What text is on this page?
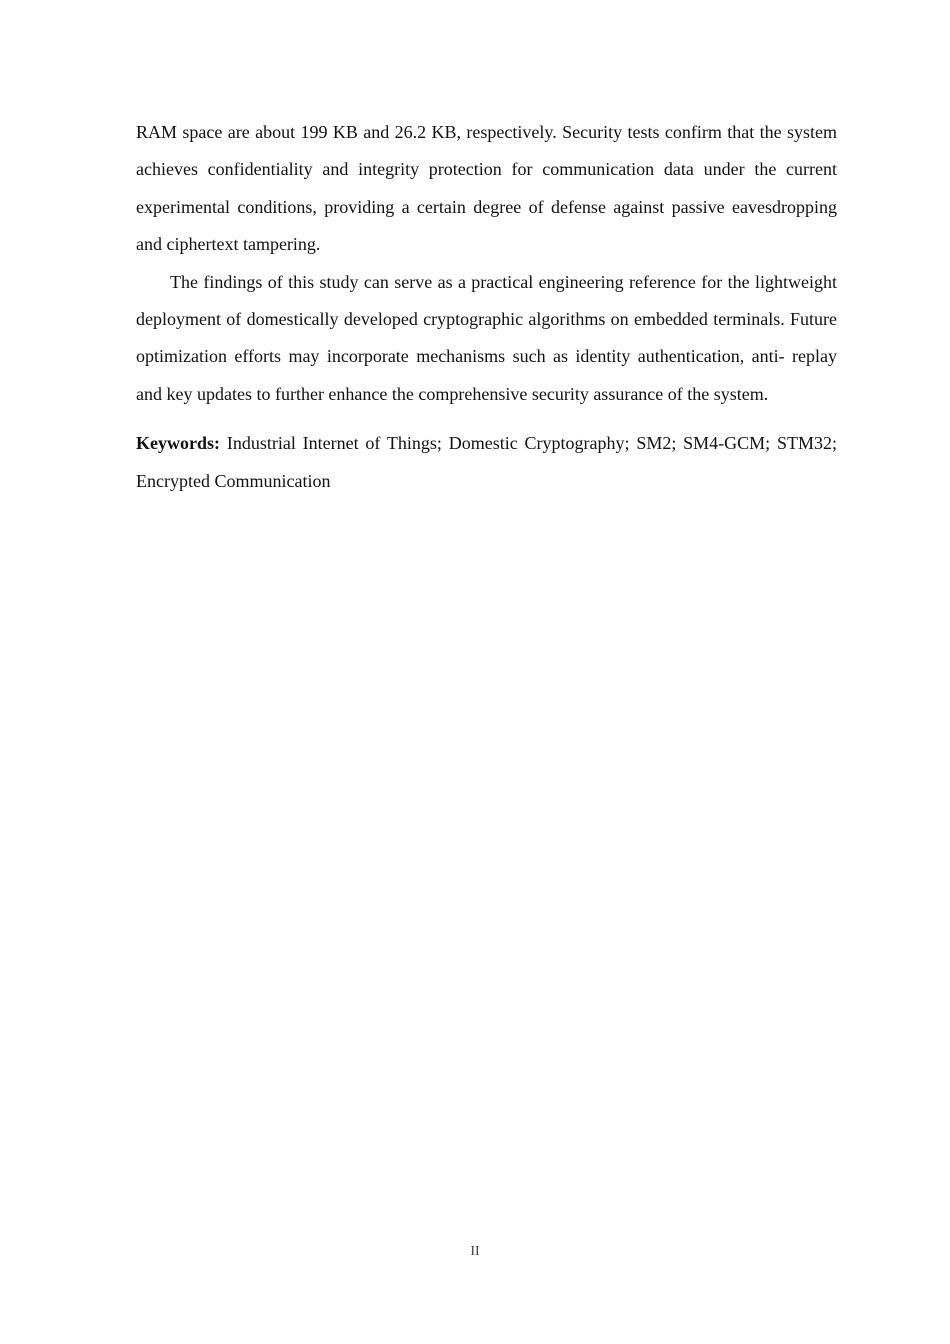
RAM space are about 199 KB and 26.2 KB, respectively. Security tests confirm that the system achieves confidentiality and integrity protection for communication data under the current experimental conditions, providing a certain degree of defense against passive eavesdropping and ciphertext tampering.

The findings of this study can serve as a practical engineering reference for the lightweight deployment of domestically developed cryptographic algorithms on embedded terminals. Future optimization efforts may incorporate mechanisms such as identity authentication, anti- replay and key updates to further enhance the comprehensive security assurance of the system.

Keywords: Industrial Internet of Things; Domestic Cryptography; SM2; SM4-GCM; STM32; Encrypted Communication

II
